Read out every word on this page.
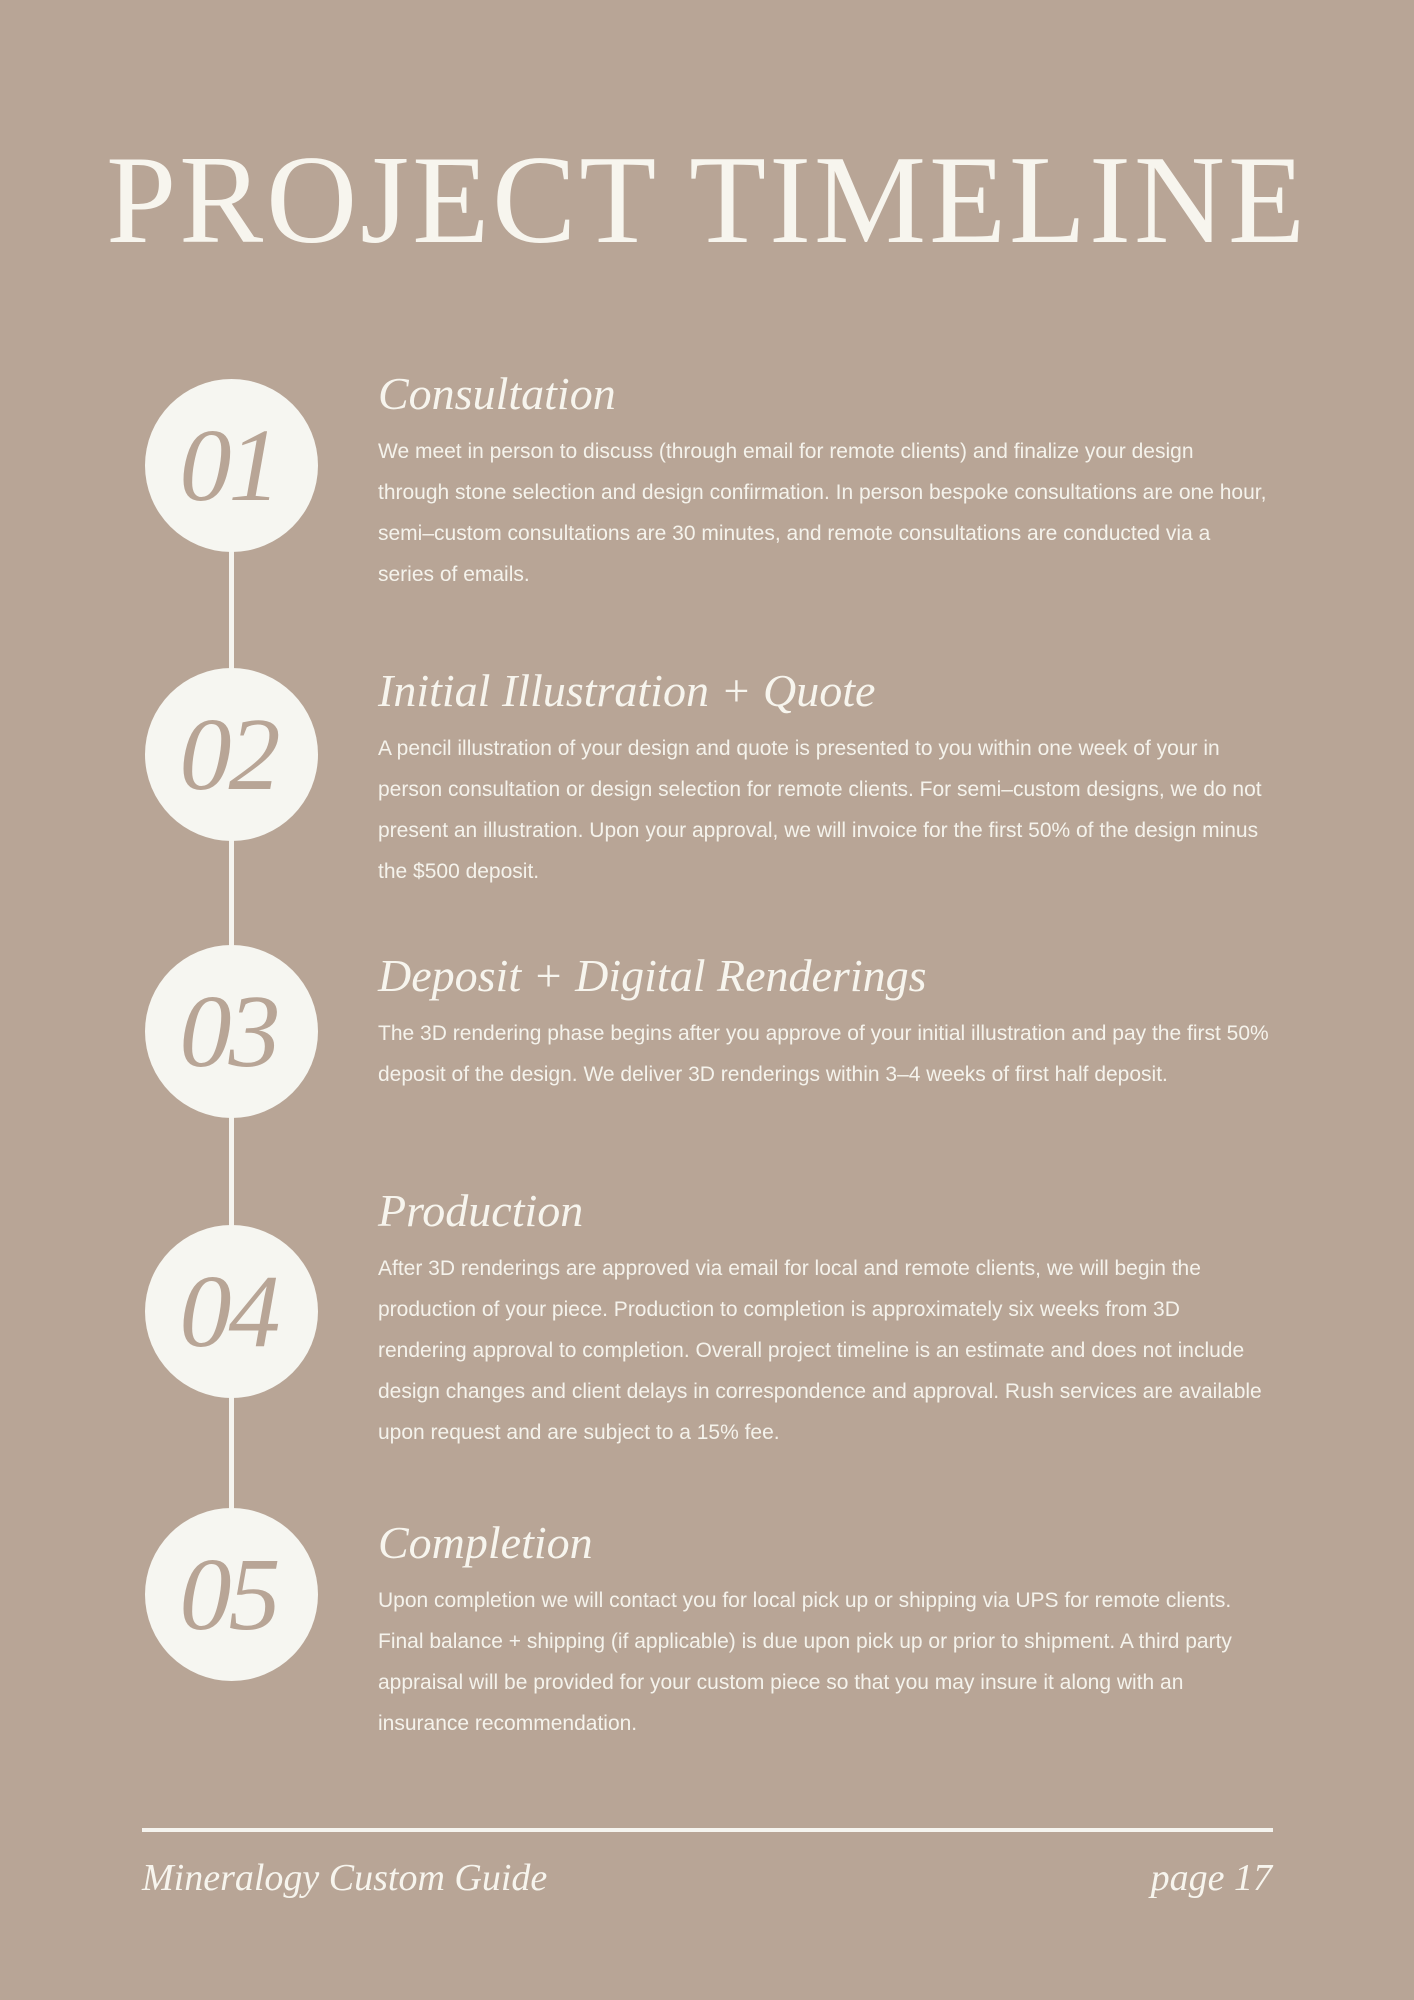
PROJECT TIMELINE
01
Consultation

We meet in person to discuss (through email for remote clients) and finalize your design through stone selection and design confirmation. In person bespoke consultations are one hour, semi–custom consultations are 30 minutes, and remote consultations are conducted via a series of emails.

02
Initial Illustration + Quote

A pencil illustration of your design and quote is presented to you within one week of your in person consultation or design selection for remote clients. For semi–custom designs, we do not present an illustration. Upon your approval, we will invoice for the first 50% of the design minus the $500 deposit.

03 Deposit + Digital Renderings

The 3D rendering phase begins after you approve of your initial illustration and pay the first 50% deposit of the design. We deliver 3D renderings within 3–4 weeks of first half deposit.

04
Production

After 3D renderings are approved via email for local and remote clients, we will begin the production of your piece. Production to completion is approximately six weeks from 3D rendering approval to completion. Overall project timeline is an estimate and does not include design changes and client delays in correspondence and approval. Rush services are available upon request and are subject to a 15% fee.

05 Completion

Upon completion we will contact you for local pick up or shipping via UPS for remote clients. Final balance + shipping (if applicable) is due upon pick up or prior to shipment. A third party appraisal will be provided for your custom piece so that you may insure it along with an insurance recommendation.

Mineralogy Custom Guide	page 17
